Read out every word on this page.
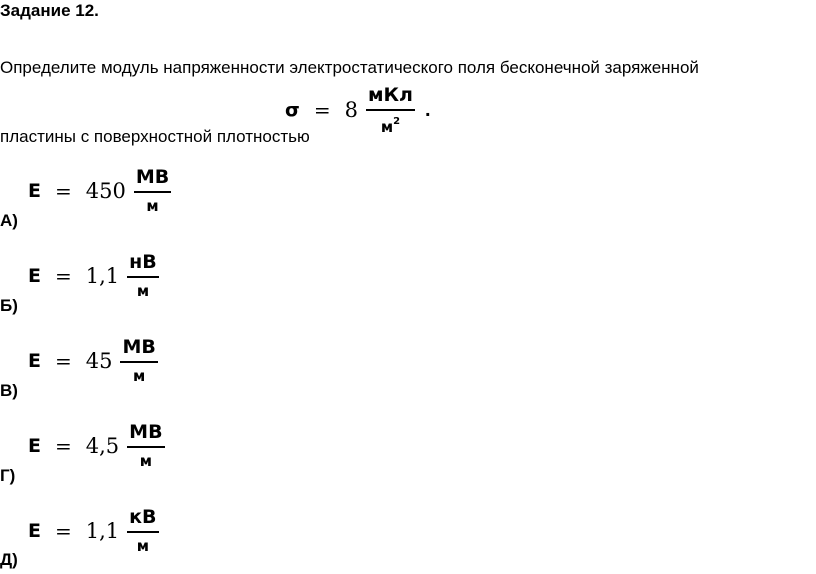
Задание 12.
Определите модуль напряженности электростатического поля бесконечной заряженной
$\sigma = 8 \frac{\text{мКл}}{м^2}$ .
пластины с поверхностной плотностью
$E = 450 \frac{МВ}{м}$
А)
$E = 1,1 \frac{нВ}{м}$
Б)
$E = 45 \frac{МВ}{м}$
В)
$E = 4,5 \frac{МВ}{м}$
Г)
$E = 1,1 \frac{кВ}{м}$
Д)
